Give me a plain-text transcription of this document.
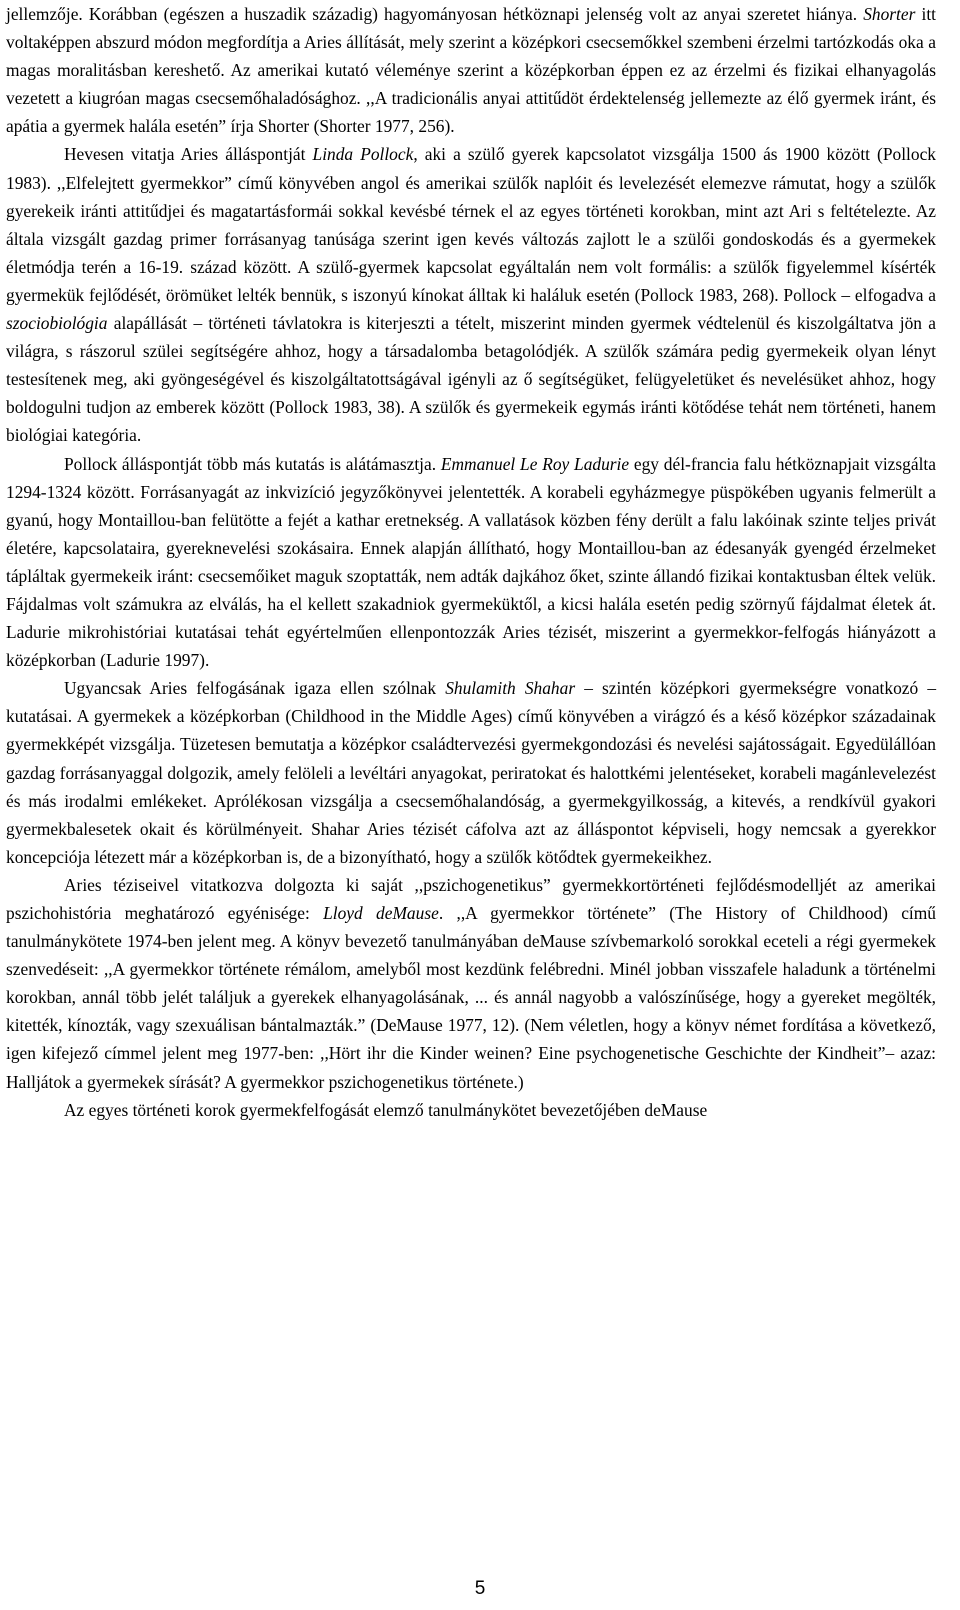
jellemzője. Korábban (egészen a huszadik századig) hagyományosan hétköznapi jelenség volt az anyai szeretet hiánya. Shorter itt voltaképpen abszurd módon megfordítja a Aries állítását, mely szerint a középkori csecsemőkkel szembeni érzelmi tartózkodás oka a magas moralitásban kereshető. Az amerikai kutató véleménye szerint a középkorban éppen ez az érzelmi és fizikai elhanyagolás vezetett a kiugróan magas csecsemőhaladósághoz. ,,A tradicionális anyai attitűdöt érdektelenség jellemezte az élő gyermek iránt, és apátia a gyermek halála esetén” írja Shorter (Shorter 1977, 256).

Hevesen vitatja Aries álláspontját Linda Pollock, aki a szülő gyerek kapcsolatot vizsgálja 1500 ás 1900 között (Pollock 1983). ,,Elfelejtett gyermekkor” című könyvében angol és amerikai szülők naplóit és levelezését elemezve rámutat, hogy a szülők gyerekeik iránti attitűdjei és magatartásformái sokkal kevésbé térnek el az egyes történeti korokban, mint azt Ari s feltételezte. Az általa vizsgált gazdag primer forrásanyag tanúsága szerint igen kevés változás zajlott le a szülői gondoskodás és a gyermekek életmódja terén a 16-19. század között. A szülő-gyermek kapcsolat egyáltalán nem volt formális: a szülők figyelemmel kísérték gyermekük fejlődését, örömüket lelték bennük, s iszonyú kínokat álltak ki haláluk esetén (Pollock 1983, 268). Pollock – elfogadva a szociobiológia alapállását – történeti távlatokra is kiterjeszti a tételt, miszerint minden gyermek védtelenül és kiszolgáltatva jön a világra, s rászorul szülei segítségére ahhoz, hogy a társadalomba betagolódjék. A szülők számára pedig gyermekeik olyan lényt testesítenek meg, aki gyöngeségével és kiszolgáltatottságával igényli az ő segítségüket, felügyeletüket és nevelésüket ahhoz, hogy boldogulni tudjon az emberek között (Pollock 1983, 38). A szülők és gyermekeik egymás iránti kötődése tehát nem történeti, hanem biológiai kategória.

Pollock álláspontját több más kutatás is alátámasztja. Emmanuel Le Roy Ladurie egy dél-francia falu hétköznapjait vizsgálta 1294-1324 között. Forrásanyagát az inkvizíció jegyzőkönyvei jelentették. A korabeli egyházmegye püspökében ugyanis felmerült a gyanú, hogy Montaillou-ban felütötte a fejét a kathar eretnekség. A vallatások közben fény derült a falu lakóinak szinte teljes privát életére, kapcsolataira, gyereknevelési szokásaira. Ennek alapján állítható, hogy Montaillou-ban az édesanyák gyengéd érzelmeket tápláltak gyermekeik iránt: csecsemőiket maguk szoptatták, nem adták dajkához őket, szinte állandó fizikai kontaktusban éltek velük. Fájdalmas volt számukra az elválás, ha el kellett szakadniok gyermeküktől, a kicsi halála esetén pedig szörnyű fájdalmat életek át. Ladurie mikrohistóriai kutatásai tehát egyértelműen ellenpontozzák Aries tézisét, miszerint a gyermekkor-felfogás hiányázott a középkorban (Ladurie 1997).

Ugyancsak Aries felfogásának igaza ellen szólnak Shulamith Shahar – szintén középkori gyermekségre vonatkozó – kutatásai. A gyermekek a középkorban (Childhood in the Middle Ages) című könyvében a virágzó és a késő középkor századainak gyermekképét vizsgálja. Tüzetesen bemutatja a középkor családtervezési gyermekgondozási és nevelési sajátosságait. Egyedülállóan gazdag forrásanyaggal dolgozik, amely felöleli a levéltári anyagokat, periratokat és halottkémi jelentéseket, korabeli magánlevelezést és más irodalmi emlékeket. Aprólékosan vizsgálja a csecsemőhalandóság, a gyermekgyilkosság, a kitevés, a rendkívül gyakori gyermekbalesetek okait és körülményeit. Shahar Aries tézisét cáfolva azt az álláspontot képviseli, hogy nemcsak a gyerekkor koncepciója létezett már a középkorban is, de a bizonyítható, hogy a szülők kötődtek gyermekeikhez.

Aries téziseivel vitatkozva dolgozta ki saját ,,pszichogenetikus” gyermekkortörténeti fejlődésmodelljét az amerikai pszichohistória meghatározó egyénisége: Lloyd deMause. ,,A gyermekkor története” (The History of Childhood) című tanulmánykötete 1974-ben jelent meg. A könyv bevezető tanulmányában deMause szívbemarkoló sorokkal eceteli a régi gyermekek szenvedéseit: ,,A gyermekkor története rémálom, amelyből most kezdünk felébredni. Minél jobban visszafele haladunk a történelmi korokban, annál több jelét találjuk a gyerekek elhanyagolásának, ... és annál nagyobb a valószínűsége, hogy a gyereket megölték, kitették, kínozták, vagy szexuálisan bántalmazták.” (DeMause 1977, 12). (Nem véletlen, hogy a könyv német fordítása a következő, igen kifejező címmel jelent meg 1977-ben: ,,Hört ihr die Kinder weinen? Eine psychogenetische Geschichte der Kindheit”– azaz: Halljátok a gyermekek sírását? A gyermekkor pszichogenetikus története.)

Az egyes történeti korok gyermekfelfogását elemző tanulmánykötet bevezetőjében deMause

5
